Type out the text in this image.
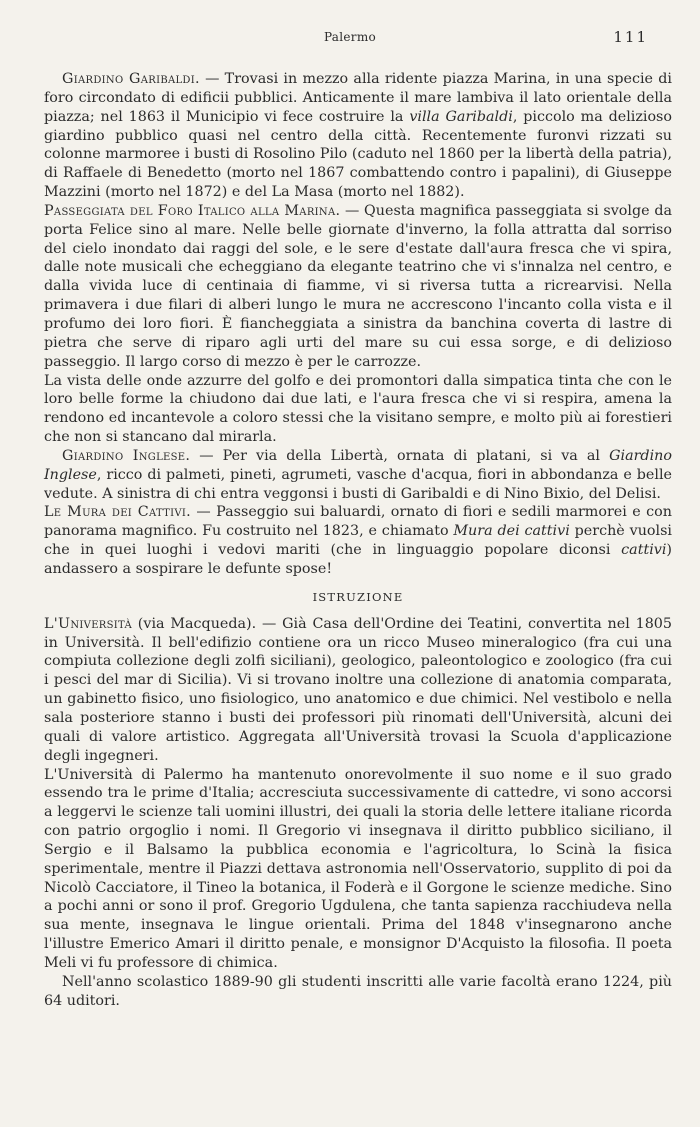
Palermo	111

Giardino Garibaldi. — Trovasi in mezzo alla ridente piazza Marina, in una specie di foro circondato di edificii pubblici. Anticamente il mare lambiva il lato orientale della piazza; nel 1863 il Municipio vi fece costruire la villa Garibaldi, piccolo ma delizioso giardino pubblico quasi nel centro della città. Recentemente furonvi rizzati su colonne marmoree i busti di Rosolino Pilo (caduto nel 1860 per la libertà della patria), di Raffaele di Benedetto (morto nel 1867 combattendo contro i papalini), di Giuseppe Mazzini (morto nel 1872) e del La Masa (morto nel 1882).

Passeggiata del Foro Italico alla Marina. — Questa magnifica passeggiata si svolge da porta Felice sino al mare. Nelle belle giornate d'inverno, la folla attratta dal sorriso del cielo inondato dai raggi del sole, e le sere d'estate dall'aura fresca che vi spira, dalle note musicali che echeggiano da elegante teatrino che vi s'innalza nel centro, e dalla vivida luce di centinaia di fiamme, vi si riversa tutta a ricrearvisi. Nella primavera i due filari di alberi lungo le mura ne accrescono l'incanto colla vista e il profumo dei loro fiori. È fiancheggiata a sinistra da banchina coverta di lastre di pietra che serve di riparo agli urti del mare su cui essa sorge, e di delizioso passeggio. Il largo corso di mezzo è per le carrozze.

La vista delle onde azzurre del golfo e dei promontori dalla simpatica tinta che con le loro belle forme la chiudono dai due lati, e l'aura fresca che vi si respira, amena la rendono ed incantevole a coloro stessi che la visitano sempre, e molto più ai forestieri che non si stancano dal mirarla.

Giardino Inglese. — Per via della Libertà, ornata di platani, si va al Giardino Inglese, ricco di palmeti, pineti, agrumeti, vasche d'acqua, fiori in abbondanza e belle vedute. A sinistra di chi entra veggonsi i busti di Garibaldi e di Nino Bixio, del Delisi.

Le Mura dei Cattivi. — Passeggio sui baluardi, ornato di fiori e sedili marmorei e con panorama magnifico. Fu costruito nel 1823, e chiamato Mura dei cattivi perchè vuolsi che in quei luoghi i vedovi mariti (che in linguaggio popolare diconsi cattivi) andassero a sospirare le defunte spose!

ISTRUZIONE

L'Università (via Macqueda). — Già Casa dell'Ordine dei Teatini, convertita nel 1805 in Università. Il bell'edifizio contiene ora un ricco Museo mineralogico (fra cui una compiuta collezione degli zolfi siciliani), geologico, paleontologico e zoologico (fra cui i pesci del mar di Sicilia). Vi si trovano inoltre una collezione di anatomia comparata, un gabinetto fisico, uno fisiologico, uno anatomico e due chimici. Nel vestibolo e nella sala posteriore stanno i busti dei professori più rinomati dell'Università, alcuni dei quali di valore artistico. Aggregata all'Università trovasi la Scuola d'applicazione degli ingegneri.

L'Università di Palermo ha mantenuto onorevolmente il suo nome e il suo grado essendo tra le prime d'Italia; accresciuta successivamente di cattedre, vi sono accorsi a leggervi le scienze tali uomini illustri, dei quali la storia delle lettere italiane ricorda con patrio orgoglio i nomi. Il Gregorio vi insegnava il diritto pubblico siciliano, il Sergio e il Balsamo la pubblica economia e l'agricoltura, lo Scinà la fisica sperimentale, mentre il Piazzi dettava astronomia nell'Osservatorio, supplito di poi da Nicolò Cacciatore, il Tineo la botanica, il Foderà e il Gorgone le scienze mediche. Sino a pochi anni or sono il prof. Gregorio Ugdulena, che tanta sapienza racchiudeva nella sua mente, insegnava le lingue orientali. Prima del 1848 v'insegnarono anche l'illustre Emerico Amari il diritto penale, e monsignor D'Acquisto la filosofia. Il poeta Meli vi fu professore di chimica.

Nell'anno scolastico 1889-90 gli studenti inscritti alle varie facoltà erano 1224, più 64 uditori.
